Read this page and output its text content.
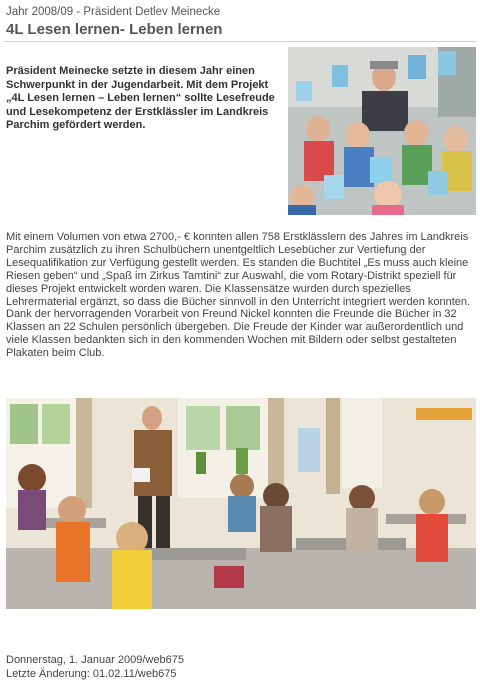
Jahr 2008/09 - Präsident Detlev Meinecke
4L Lesen lernen- Leben lernen
Präsident Meinecke setzte in diesem Jahr einen Schwerpunkt in der Jugendarbeit. Mit dem Projekt „4L Lesen lernen – Leben lernen“ sollte Lesefreude und Lesekompetenz der Erstklässler im Landkreis Parchim gefördert werden.

Mit einem Volumen von etwa 2700,- € konnten allen 758 Erstklässlern des Jahres im Landkreis Parchim zusätzlich zu ihren Schulbüchern unentgeltlich Lesebücher zur Vertiefung der Lesequalifikation zur Verfügung gestellt werden. Es standen die Buchtitel „Es muss auch kleine Riesen geben“ und „Spaß im Zirkus Tamtini“ zur Auswahl, die vom Rotary-Distrikt speziell für dieses Projekt entwickelt worden waren. Die Klassensätze wurden durch spezielles Lehrermaterial ergänzt, so dass die Bücher sinnvoll in den Unterricht integriert werden konnten.

Dank der hervorragenden Vorarbeit von Freund Nickel konnten die Freunde die Bücher in 32 Klassen an 22 Schulen persönlich übergeben. Die Freude der Kinder war außerordentlich und viele Klassen bedankten sich in den kommenden Wochen mit Bildern oder selbst gestalteten Plakaten beim Club.

Donnerstag, 1. Januar 2009/web675
Letzte Änderung: 01.02.11/web675
